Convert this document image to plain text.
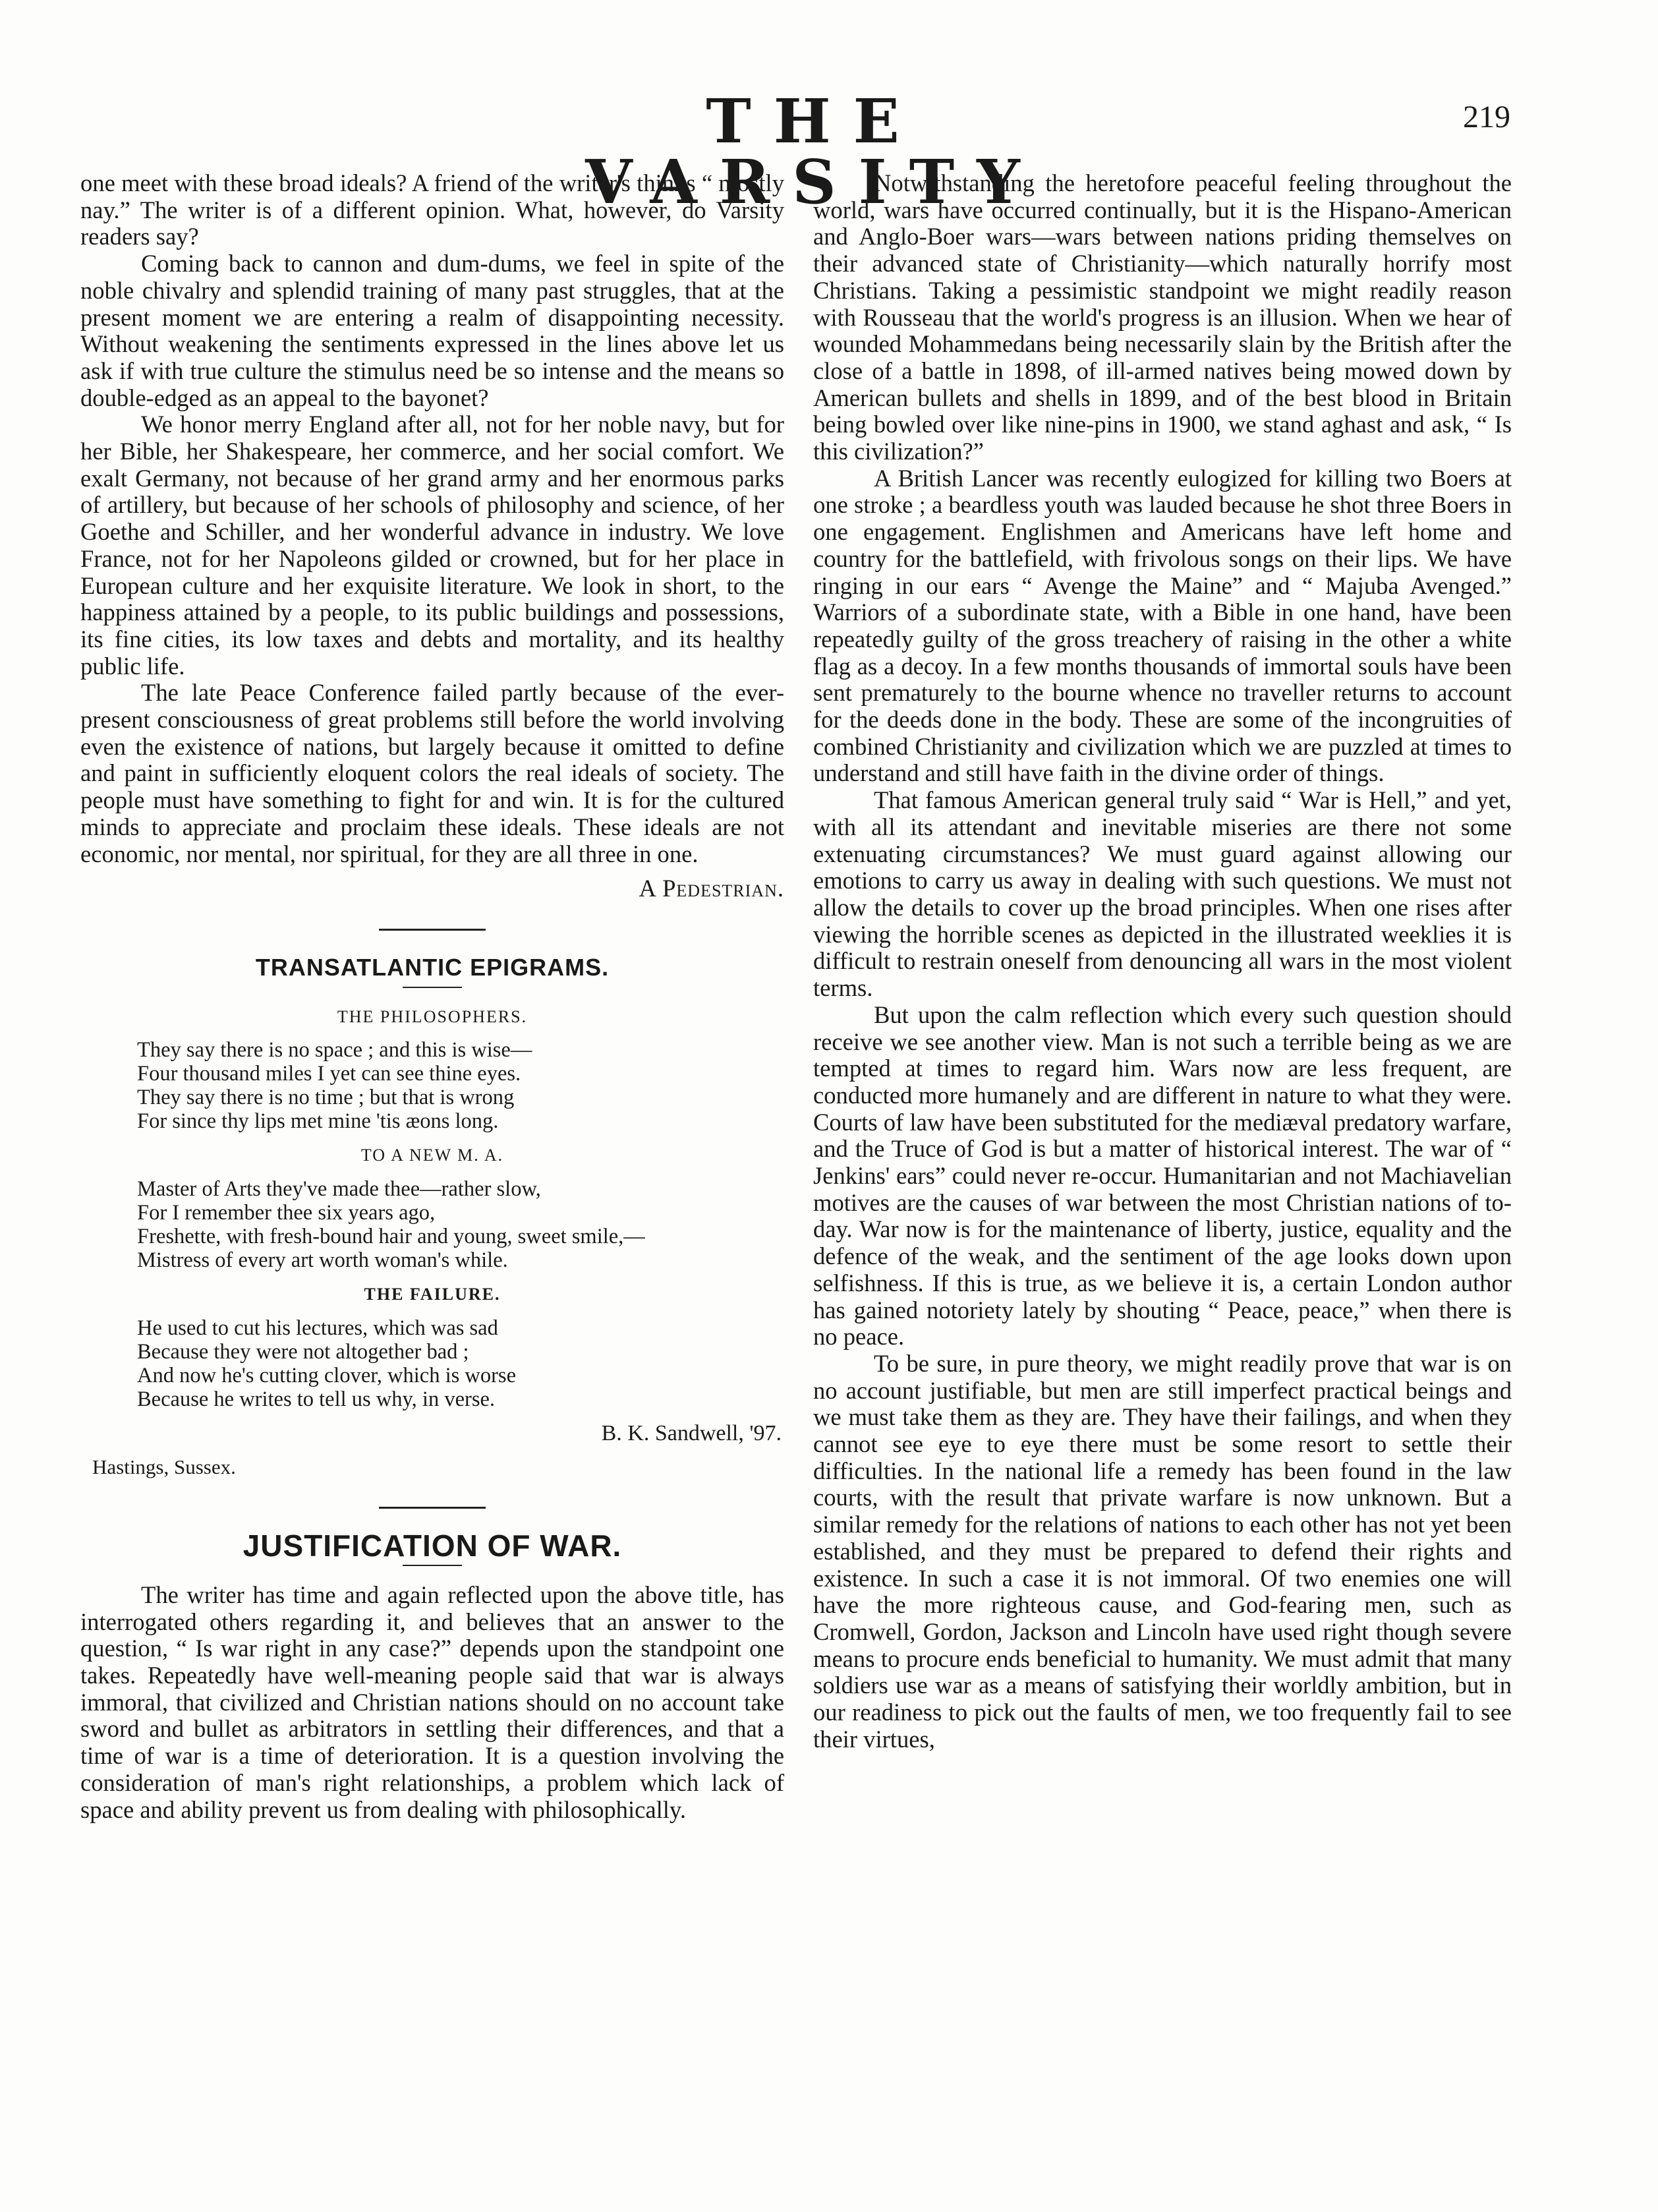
THE VARSITY
219

one meet with these broad ideals? A friend of the writer's thinks “ mostly nay.” The writer is of a different opinion. What, however, do Varsity readers say?

Coming back to cannon and dum-dums, we feel in spite of the noble chivalry and splendid training of many past struggles, that at the present moment we are entering a realm of disappointing necessity. Without weakening the sentiments expressed in the lines above let us ask if with true culture the stimulus need be so intense and the means so double-edged as an appeal to the bayonet?

We honor merry England after all, not for her noble navy, but for her Bible, her Shakespeare, her commerce, and her social comfort. We exalt Germany, not because of her grand army and her enormous parks of artillery, but because of her schools of philosophy and science, of her Goethe and Schiller, and her wonderful advance in industry. We love France, not for her Napoleons gilded or crowned, but for her place in European culture and her exquisite literature. We look in short, to the happiness attained by a people, to its public buildings and possessions, its fine cities, its low taxes and debts and mortality, and its healthy public life.

The late Peace Conference failed partly because of the ever-present consciousness of great problems still before the world involving even the existence of nations, but largely because it omitted to define and paint in sufficiently eloquent colors the real ideals of society. The people must have something to fight for and win. It is for the cultured minds to appreciate and proclaim these ideals. These ideals are not economic, nor mental, nor spiritual, for they are all three in one.

A Pedestrian.
TRANSATLANTIC EPIGRAMS.
THE PHILOSOPHERS.
They say there is no space ; and this is wise—
Four thousand miles I yet can see thine eyes.
They say there is no time ; but that is wrong
For since thy lips met mine 'tis æons long.
TO A NEW M. A.
Master of Arts they've made thee—rather slow,
For I remember thee six years ago,
Freshette, with fresh-bound hair and young, sweet smile,—
Mistress of every art worth woman's while.
THE FAILURE.
He used to cut his lectures, which was sad
Because they were not altogether bad ;
And now he's cutting clover, which is worse
Because he writes to tell us why, in verse.
B. K. Sandwell, '97.
Hastings, Sussex.
JUSTIFICATION OF WAR.

The writer has time and again reflected upon the above title, has interrogated others regarding it, and believes that an answer to the question, “ Is war right in any case?” depends upon the standpoint one takes. Repeatedly have well-meaning people said that war is always immoral, that civilized and Christian nations should on no account take sword and bullet as arbitrators in settling their differences, and that a time of war is a time of deterioration. It is a question involving the consideration of man's right relationships, a problem which lack of space and ability prevent us from dealing with philosophically.

Notwithstanding the heretofore peaceful feeling throughout the world, wars have occurred continually, but it is the Hispano-American and Anglo-Boer wars—wars between nations priding themselves on their advanced state of Christianity—which naturally horrify most Christians. Taking a pessimistic standpoint we might readily reason with Rousseau that the world's progress is an illusion. When we hear of wounded Mohammedans being necessarily slain by the British after the close of a battle in 1898, of ill-armed natives being mowed down by American bullets and shells in 1899, and of the best blood in Britain being bowled over like nine-pins in 1900, we stand aghast and ask, “ Is this civilization?”

A British Lancer was recently eulogized for killing two Boers at one stroke ; a beardless youth was lauded because he shot three Boers in one engagement. Englishmen and Americans have left home and country for the battlefield, with frivolous songs on their lips. We have ringing in our ears “ Avenge the Maine” and “ Majuba Avenged.” Warriors of a subordinate state, with a Bible in one hand, have been repeatedly guilty of the gross treachery of raising in the other a white flag as a decoy. In a few months thousands of immortal souls have been sent prematurely to the bourne whence no traveller returns to account for the deeds done in the body. These are some of the incongruities of combined Christianity and civilization which we are puzzled at times to understand and still have faith in the divine order of things.

That famous American general truly said “ War is Hell,” and yet, with all its attendant and inevitable miseries are there not some extenuating circumstances? We must guard against allowing our emotions to carry us away in dealing with such questions. We must not allow the details to cover up the broad principles. When one rises after viewing the horrible scenes as depicted in the illustrated weeklies it is difficult to restrain oneself from denouncing all wars in the most violent terms.

But upon the calm reflection which every such question should receive we see another view. Man is not such a terrible being as we are tempted at times to regard him. Wars now are less frequent, are conducted more humanely and are different in nature to what they were. Courts of law have been substituted for the mediæval predatory warfare, and the Truce of God is but a matter of historical interest. The war of “ Jenkins' ears” could never re-occur. Humanitarian and not Machiavelian motives are the causes of war between the most Christian nations of to-day. War now is for the maintenance of liberty, justice, equality and the defence of the weak, and the sentiment of the age looks down upon selfishness. If this is true, as we believe it is, a certain London author has gained notoriety lately by shouting “ Peace, peace,” when there is no peace.

To be sure, in pure theory, we might readily prove that war is on no account justifiable, but men are still imperfect practical beings and we must take them as they are. They have their failings, and when they cannot see eye to eye there must be some resort to settle their difficulties. In the national life a remedy has been found in the law courts, with the result that private warfare is now unknown. But a similar remedy for the relations of nations to each other has not yet been established, and they must be prepared to defend their rights and existence. In such a case it is not immoral. Of two enemies one will have the more righteous cause, and God-fearing men, such as Cromwell, Gordon, Jackson and Lincoln have used right though severe means to procure ends beneficial to humanity. We must admit that many soldiers use war as a means of satisfying their worldly ambition, but in our readiness to pick out the faults of men, we too frequently fail to see their virtues,
